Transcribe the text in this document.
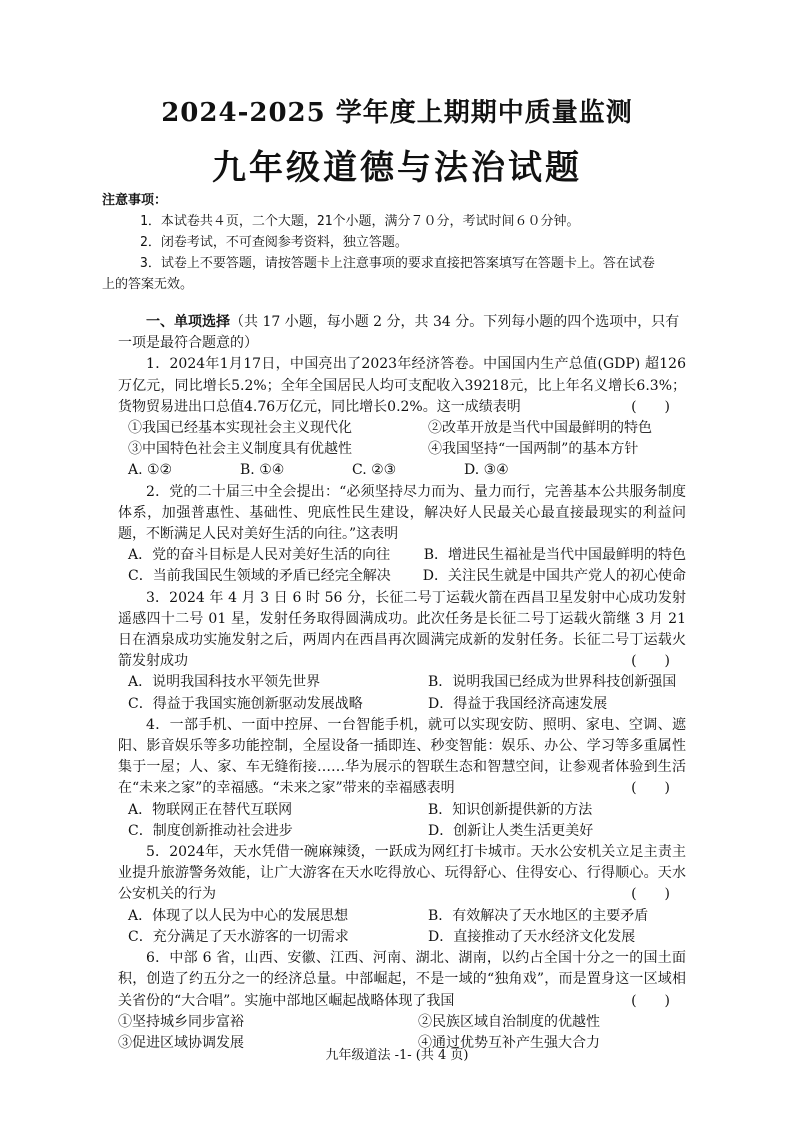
2024-2025 学年度上期期中质量监测
九年级道德与法治试题
注意事项：
1．本试卷共４页，二个大题，21个小题，满分７０分，考试时间６０分钟。
2．闭卷考试，不可查阅参考资料，独立答题。
3．试卷上不要答题，请按答题卡上注意事项的要求直接把答案填写在答题卡上。答在试卷
上的答案无效。

一、单项选择（共 17 小题，每小题 2 分，共 34 分。下列每小题的四个选项中，只有一项是最符合题意的）

1．2024年1月17日，中国亮出了2023年经济答卷。中国国内生产总值(GDP) 超126万亿元，同比增长5.2%；全年全国居民人均可支配收入39218元，比上年名义增长6.3%；货物贸易进出口总值4.76万亿元，同比增长0.2%。这一成绩表明	(　　)

①我国已经基本实现社会主义现代化	②改革开放是当代中国最鲜明的特色
③中国特色社会主义制度具有优越性	④我国坚持“一国两制”的基本方针
A. ①②	B. ①④	C. ②③	D. ③④

2．党的二十届三中全会提出：“必须坚持尽力而为、量力而行，完善基本公共服务制度体系，加强普惠性、基础性、兜底性民生建设，解决好人民最关心最直接最现实的利益问题，不断满足人民对美好生活的向往。”这表明

A．党的奋斗目标是人民对美好生活的向往	B．增进民生福祉是当代中国最鲜明的特色
C．当前我国民生领域的矛盾已经完全解决	D．关注民生就是中国共产党人的初心使命

3．2024 年 4 月 3 日 6 时 56 分，长征二号丁运载火箭在西昌卫星发射中心成功发射遥感四十二号 01 星，发射任务取得圆满成功。此次任务是长征二号丁运载火箭继 3 月 21 日在酒泉成功实施发射之后，两周内在西昌再次圆满完成新的发射任务。长征二号丁运载火箭发射成功	(　　)

A．说明我国科技水平领先世界	B．说明我国已经成为世界科技创新强国
C．得益于我国实施创新驱动发展战略	D．得益于我国经济高速发展

4．一部手机、一面中控屏、一台智能手机，就可以实现安防、照明、家电、空调、遮阳、影音娱乐等多功能控制，全屋设备一插即连、秒变智能：娱乐、办公、学习等多重属性集于一屋；人、家、车无缝衔接……华为展示的智联生态和智慧空间，让参观者体验到生活在“未来之家”的幸福感。“未来之家”带来的幸福感表明	(　　)

A．物联网正在替代互联网	B．知识创新提供新的方法
C．制度创新推动社会进步	D．创新让人类生活更美好

5．2024年，天水凭借一碗麻辣烫，一跃成为网红打卡城市。天水公安机关立足主责主业提升旅游警务效能，让广大游客在天水吃得放心、玩得舒心、住得安心、行得顺心。天水公安机关的行为	(　　)

A．体现了以人民为中心的发展思想	B．有效解决了天水地区的主要矛盾
C．充分满足了天水游客的一切需求	D．直接推动了天水经济文化发展

6．中部 6 省，山西、安徽、江西、河南、湖北、湖南，以约占全国十分之一的国土面积，创造了约五分之一的经济总量。中部崛起，不是一域的“独角戏”，而是置身这一区域相关省份的“大合唱”。实施中部地区崛起战略体现了我国	(　　)

①坚持城乡同步富裕	②民族区域自治制度的优越性
③促进区域协调发展	④通过优势互补产生强大合力
九年级道法 -1- (共 4 页)
